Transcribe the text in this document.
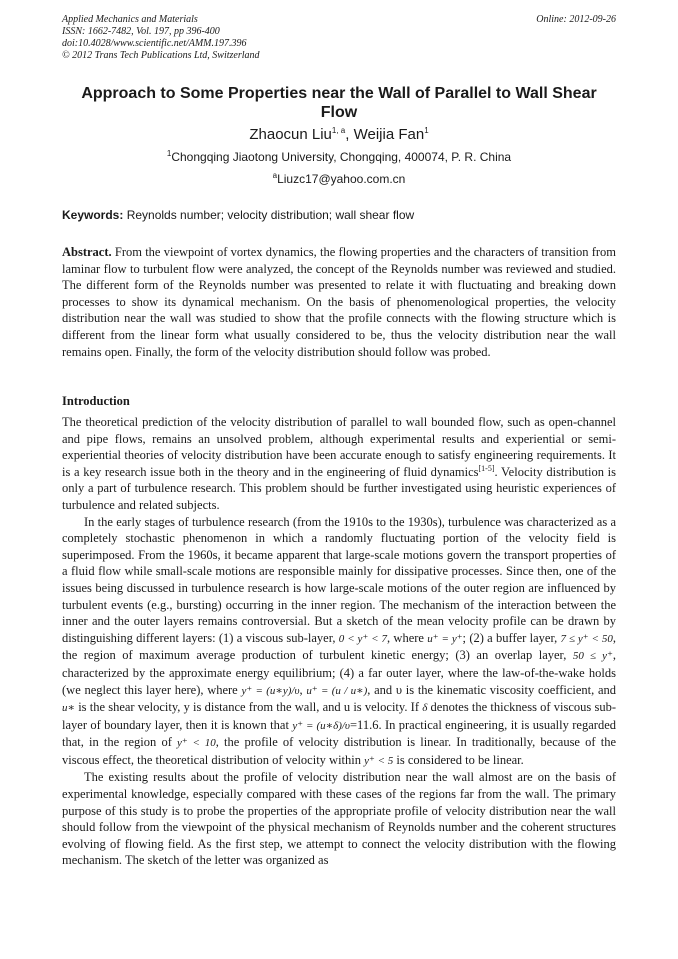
Applied Mechanics and Materials
ISSN: 1662-7482, Vol. 197, pp 396-400
doi:10.4028/www.scientific.net/AMM.197.396
© 2012 Trans Tech Publications Ltd, Switzerland
Online: 2012-09-26
Approach to Some Properties near the Wall of Parallel to Wall Shear Flow
Zhaocun Liu$^{1, a}$, Weijia Fan$^1$
$^1$Chongqing Jiaotong University, Chongqing, 400074, P. R. China
$^a$Liuzc17@yahoo.com.cn
Keywords: Reynolds number; velocity distribution; wall shear flow
Abstract. From the viewpoint of vortex dynamics, the flowing properties and the characters of transition from laminar flow to turbulent flow were analyzed, the concept of the Reynolds number was reviewed and studied. The different form of the Reynolds number was presented to relate it with fluctuating and breaking down processes to show its dynamical mechanism. On the basis of phenomenological properties, the velocity distribution near the wall was studied to show that the profile connects with the flowing structure which is different from the linear form what usually considered to be, thus the velocity distribution near the wall remains open. Finally, the form of the velocity distribution should follow was probed.
Introduction

The theoretical prediction of the velocity distribution of parallel to wall bounded flow, such as open-channel and pipe flows, remains an unsolved problem, although experimental results and experiential or semi-experiential theories of velocity distribution have been accurate enough to satisfy engineering requirements. It is a key research issue both in the theory and in the engineering of fluid dynamics[1-5]. Velocity distribution is only a part of turbulence research. This problem should be further investigated using heuristic experiences of turbulence and related subjects.

In the early stages of turbulence research (from the 1910s to the 1930s), turbulence was characterized as a completely stochastic phenomenon in which a randomly fluctuating portion of the velocity field is superimposed. From the 1960s, it became apparent that large-scale motions govern the transport properties of a fluid flow while small-scale motions are responsible mainly for dissipative processes. Since then, one of the issues being discussed in turbulence research is how large-scale motions of the outer region are influenced by turbulent events (e.g., bursting) occurring in the inner region. The mechanism of the interaction between the inner and the outer layers remains controversial. But a sketch of the mean velocity profile can be drawn by distinguishing different layers: (1) a viscous sub-layer, 0 < y⁺ < 7, where u⁺ = y⁺; (2) a buffer layer, 7 ≤ y⁺ < 50, the region of maximum average production of turbulent kinetic energy; (3) an overlap layer, 50 ≤ y⁺, characterized by the approximate energy equilibrium; (4) a far outer layer, where the law-of-the-wake holds (we neglect this layer here), where y⁺ = (u∗y)/υ, u⁺ = (u / u∗), and υ is the kinematic viscosity coefficient, and u∗ is the shear velocity, y is distance from the wall, and u is velocity. If δ denotes the thickness of viscous sub-layer of boundary layer, then it is known that y⁺ = (u∗δ)/υ=11.6. In practical engineering, it is usually regarded that, in the region of y⁺ < 10, the profile of velocity distribution is linear. In traditionally, because of the viscous effect, the theoretical distribution of velocity within y⁺ < 5 is considered to be linear.

The existing results about the profile of velocity distribution near the wall almost are on the basis of experimental knowledge, especially compared with these cases of the regions far from the wall. The primary purpose of this study is to probe the properties of the appropriate profile of velocity distribution near the wall should follow from the viewpoint of the physical mechanism of Reynolds number and the coherent structures evolving of flowing field. As the first step, we attempt to connect the velocity distribution with the flowing mechanism. The sketch of the letter was organized as
